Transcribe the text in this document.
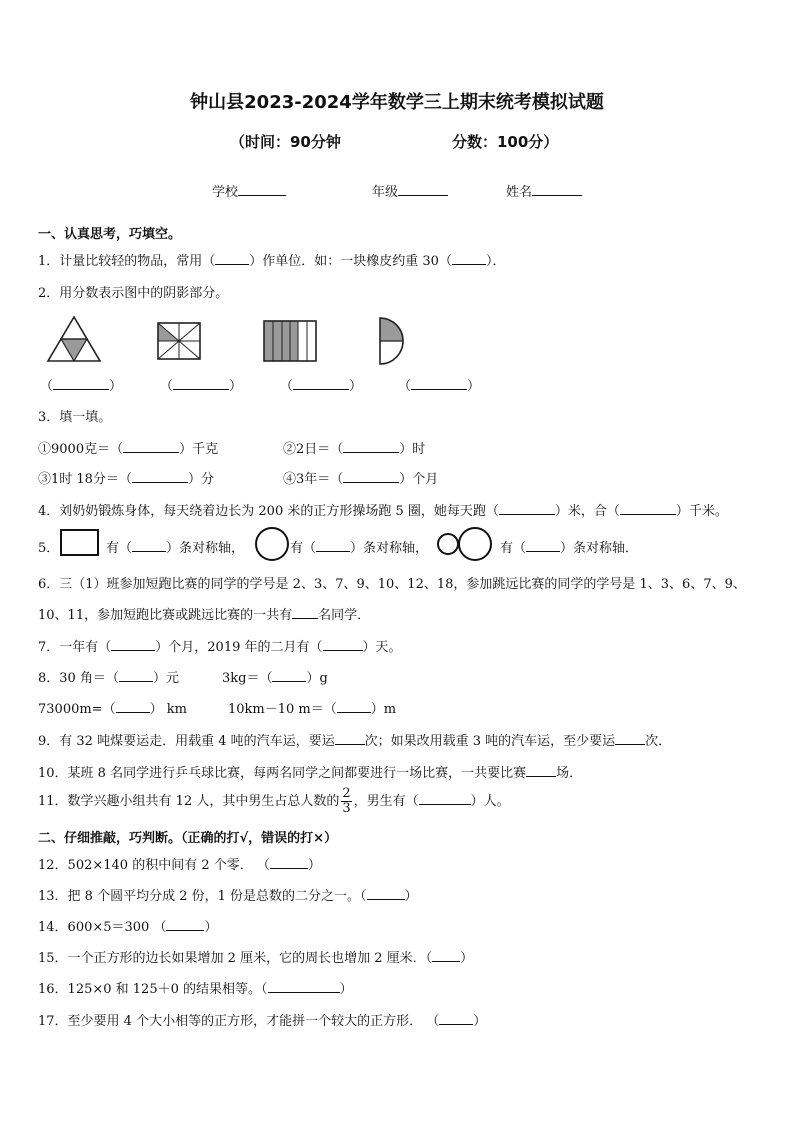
钟山县2023-2024学年数学三上期末统考模拟试题
（时间：90分钟	分数：100分）
学校	年级	姓名
一、认真思考，巧填空。
1．计量比较轻的物品，常用（	）作单位．如：一块橡皮约重 30（	）．
2．用分数表示图中的阴影部分。
（	）	（	）	（	）	（	）
3．填一填。
①9000克＝（	）千克	②2日＝（	）时
③1时 18分＝（	）分	④3年＝（	）个月
4．刘奶奶锻炼身体，每天绕着边长为 200 米的正方形操场跑 5 圈，她每天跑（	）米，合（	）千米。
5．	有（	）条对称轴，	有（	）条对称轴，	有（	）条对称轴．
6．三（1）班参加短跑比赛的同学的学号是 2、3、7、9、10、12、18，参加跳远比赛的同学的学号是 1、3、6、7、9、
10、11，参加短跑比赛或跳远比赛的一共有 名同学．
7．一年有（	）个月，2019 年的二月有（	）天。
8．30 角＝（	）元	3kg＝（	）g
73000m=（	） km	10km－10 m＝（	）m
9．有 32 吨煤要运走．用载重 4 吨的汽车运，要运 次；如果改用载重 3 吨的汽车运，至少要运 次．
10．某班 8 名同学进行乒乓球比赛，每两名同学之间都要进行一场比赛，一共要比赛 场．
11．数学兴趣小组共有 12 人，其中男生占总人数的 $\frac{2}{3}$ ，男生有（	）人。
二、仔细推敲，巧判断。（正确的打√，错误的打×）
12．502×140 的积中间有 2 个零． （	）
13．把 8 个圆平均分成 2 份，1 份是总数的二分之一。（	）
14．600×5＝300 （	）
15．一个正方形的边长如果增加 2 厘米，它的周长也增加 2 厘米．（ ）
16．125×0 和 125＋0 的结果相等。（	）
17．至少要用 4 个大小相等的正方形，才能拼一个较大的正方形． （	）
